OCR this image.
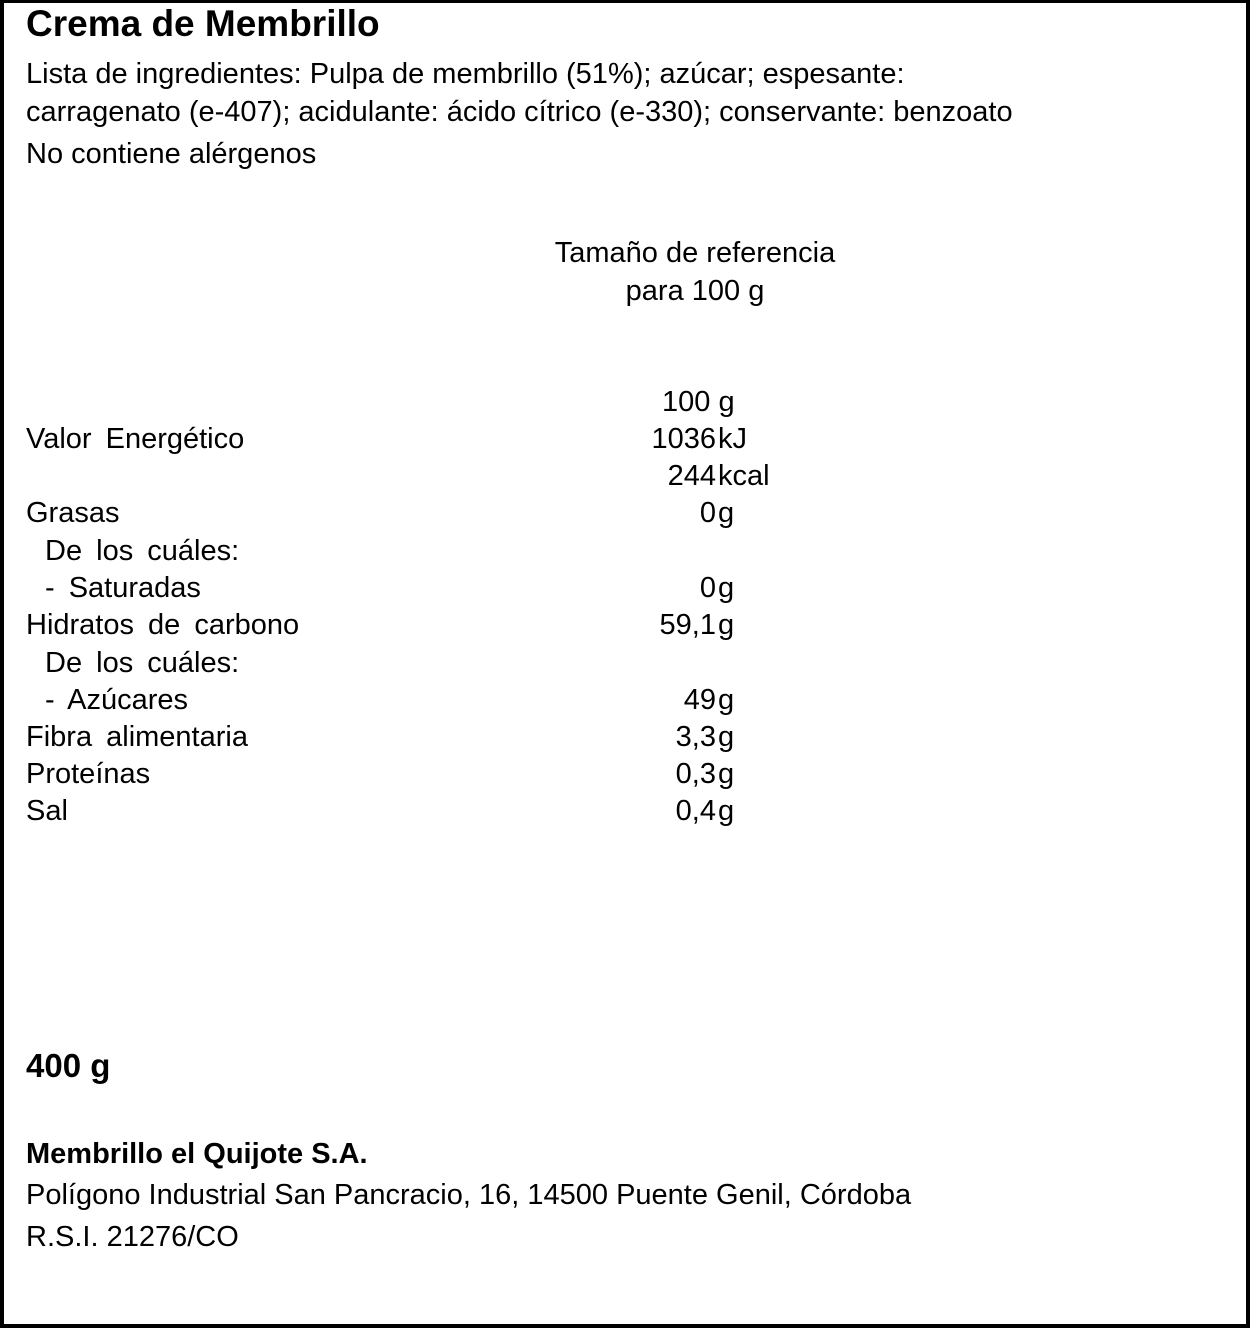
Crema de Membrillo
Lista de ingredientes: Pulpa de membrillo (51%); azúcar; espesante:
carragenato (e-407); acidulante: ácido cítrico (e-330); conservante: benzoato
No contiene alérgenos
Tamaño de referencia
para 100 g
100 g
Valor Energético	1036 kJ
244 kcal
Grasas	0 g
De los cuáles:
- Saturadas	0 g
Hidratos de carbono	59,1 g
De los cuáles:
- Azúcares	49 g
Fibra alimentaria	3,3 g
Proteínas	0,3 g
Sal	0,4 g
400 g
Membrillo el Quijote S.A.
Polígono Industrial San Pancracio, 16, 14500 Puente Genil, Córdoba
R.S.I. 21276/CO
